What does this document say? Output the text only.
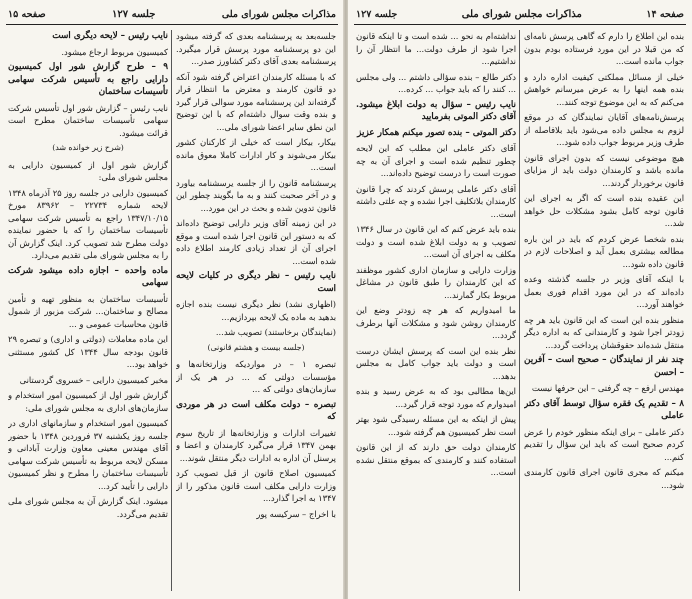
مذاکرات مجلس شورای ملی
جلسه ۱۲۷
صفحه ۱۵

جلسه‌بعد به پرسشنامه بعدی که گرفته میشود این دو پرسشنامه مورد پرسش قرار میگیرد. پرسشنامه بعدی آقای دکتر کشاورز صدر...

که با مسئله کارمندان اعتراض گرفته شود آنکه دو قانون کارمند و معترض ما انتظار قرار گرفته‌اند این پرسشنامه مورد سوالی قرار گیرد و بنده وقت سوال داشته‌ام که با این توضیح این نطق سایر اعضا شورای ملی...

بیکار، بیکار است که خیلی از کارکنان کشور بیکار می‌شوند و کار ادارات کاملا معوق مانده است...

پرسشنامه قانون را از جلسه یرسشنامه بیاورد و در آخر صحبت کنند و به ما بگویند چطور این قانون تدوین شده و بحث در این مورد...

در این زمینه آقای وزیر دارایی توضیح داده‌اند که به دستور این قانون اجرا شده است و موقع اجرای آن از تعداد زیادی کارمند اطلاع داده شده است...

نایب رئیس – نظر دیگری در کلیات لایحه است

(اظهاری نشد) نظر دیگری نیست بنده اجازه بدهید به ماده یک لایحه بپردازیم...

(نمایندگان برخاستند) تصویب شد...

(جلسه بیست و هشتم قانونی)

تبصره ۱ – در مواردیکه وزارتخانه‌ها و مؤسسات دولتی که ... در هر یک از سازمان‌های دولتی که ...

تبصره – دولت مکلف است در هر موردی که

تغییرات ادارات و وزارتخانه‌ها از تاریخ سوم بهمن ۱۳۴۷ قرار می‌گیرد کارمندان و اعضا و پرسنل آن اداره به ادارات دیگر منتقل شوند...

کمیسیون اصلاح قانون از قبل تصویب کرد وزارت دارایی مکلف است قانون مذکور را از ۱۳۴۷ به اجرا گذارد...

با اخراج – سرکیسه پور

نایب رئیس – لایحه دیگری است

کمیسیون مربوط ارجاع میشود.

۹ – طرح گزارش شور اول کمیسیون دارایی راجع به تأسیس شرکت سهامی تأسیسات ساختمان

نایب رئیس – گزارش شور اول تأسیس شرکت سهامی تأسیسات ساختمان مطرح است قرائت میشود.

(شرح زیر خوانده شد)

گزارش شور اول از کمیسیون دارایی به مجلس شورای ملی:

کمیسیون دارایی در جلسه روز ۲۵ آذرماه ۱۳۴۸ لایحه شماره ۲۲۷۳۴ – ۸۳۹۶۲ مورخ ۱۳۴۷/۱۰/۱۵ راجع به تأسیس شرکت سهامی تأسیسات ساختمان را که با حضور نماینده دولت مطرح شد تصویب کرد. اینک گزارش آن را به مجلس شورای ملی تقدیم می‌دارد.

ماده واحده – اجازه داده میشود شرکت سهامی

تأسیسات ساختمان به منظور تهیه و تأمین مصالح و ساختمان... شرکت مزبور از شمول قانون محاسبات عمومی و ...

این ماده معاملات (دولتی و اداری) و تبصره ۲۹ قانون بودجه سال ۱۳۴۴ کل کشور مستثنی خواهد بود...

مخبر کمیسیون دارایی – خسروی گردستانی

گزارش شور اول از کمیسیون امور استخدام و سازمان‌های اداری به مجلس شورای ملی:

کمیسیون امور استخدام و سازمانهای اداری در جلسه روز یکشنبه ۳۷ فروردین ۱۳۴۸ با حضور آقای مهندس معینی معاون وزارت آبادانی و مسکن لایحه مربوط به تأسیس شرکت سهامی تأسیسات ساختمان را مطرح و نظر کمیسیون دارایی را تأیید کرد...

میشود. اینک گزارش آن به مجلس شورای ملی تقدیم می‌گردد.

صفحه ۱۴
مذاکرات مجلس شورای ملی
جلسه ۱۲۷

بنده این اطلاع را دارم که گاهی پرسش نامه‌ای که من قبلا در این مورد فرستاده بودم بدون جواب مانده است...

خیلی از مسائل مملکتی کیفیت اداره دارد و بنده همه اینها را به عرض میرسانم خواهش می‌کنم که به این موضوع توجه کنند...

پرسش‌نامه‌های آقایان نمایندگان که در موقع لزوم به مجلس داده می‌شود باید بلافاصله از طرف وزیر مربوط جواب داده شود...

هیچ موضوعی نیست که بدون اجرای قانون مانده باشد و کارمندان دولت باید از مزایای قانون برخوردار گردند...

این عقیده بنده است که اگر به اجرای این قانون توجه کامل بشود مشکلات حل خواهد شد...

بنده شخصا عرض کردم که باید در این باره مطالعه بیشتری بعمل آید و اصلاحات لازم در قانون داده شود...

با اینکه آقای وزیر در جلسه گذشته وعده داده‌اند که در این مورد اقدام فوری بعمل خواهند آورد...

منظور بنده این است که این قانون باید هر چه زودتر اجرا شود و کارمندانی که به اداره دیگر منتقل شده‌اند حقوقشان پرداخت گردد...

چند نفر از نمایندگان – صحیح است – آفرین – احسن

مهندس ارفع – چه گرفتی – این حرفها نیست

۸ – تقدیم یک فقره سؤال توسط آقای دکتر عاملی

دکتر عاملی – برای اینکه منظور خودم را عرض کردم صحیح است که باید این سؤال را تقدیم کنم...

میکنم که مجری قانون اجرای قانون کارمندی شود...

نداشته‌ام به نحو ... شده است و تا اینکه قانون اجرا شود از طرف دولت... ما انتظار آن را نداشتیم...

دکتر طالع – بنده سؤالی داشتم ... ولی مجلس ... کنند را که باید جواب ... کرده...

نایب رئیس – سؤال به دولت ابلاغ میشود. آقای دکتر الموتی بفرمایید

دکتر الموتی – بنده تصور میکنم همکار عزیز

آقای دکتر عاملی این مطلب که این لایحه چطور تنظیم شده است و اجرای آن به چه صورت است را درست توضیح داده‌اند...

آقای دکتر عاملی پرسش کردند که چرا قانون کارمندان بلاتکلیف اجرا نشده و چه علتی داشته است...

بنده باید عرض کنم که این قانون در سال ۱۳۴۶ تصویب و به دولت ابلاغ شده است و دولت مکلف به اجرای آن است...

وزارت دارایی و سازمان اداری کشور موظفند که این کارمندان را طبق قانون در مشاغل مربوط بکار گمارند...

ما امیدواریم که هر چه زودتر وضع این کارمندان روشن شود و مشکلات آنها برطرف گردد...

نظر بنده این است که پرسش ایشان درست است و دولت باید جواب کامل به مجلس بدهد...

این‌ها مطالبی بود که به عرض رسید و بنده امیدوارم که مورد توجه قرار گیرد...

پیش از اینکه به این مسئله رسیدگی شود بهتر است نظر کمیسیون هم گرفته شود...

کارمندان دولت حق دارند که از این قانون استفاده کنند و کارمندی که بموقع منتقل نشده است...
